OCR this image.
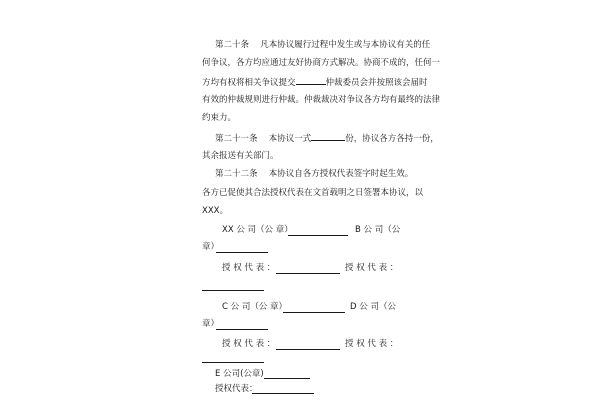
第二十条　 凡本协议履行过程中发生或与本协议有关的任
何争议，各方均应通过友好协商方式解决。协商不成的，任何一
方均有权将相关争议提交	仲裁委员会并按照该会届时
有效的仲裁规则进行仲裁。仲裁裁决对争议各方均有最终的法律
约束力。
第二十一条　 本协议一式	份，协议各方各持一份，
其余报送有关部门。
第二十二条　 本协议自各方授权代表签字时起生效。
各方已促使其合法授权代表在文首载明之日签署本协议，以
XXX。
XX 公 司（公 章）	B 公 司（公
章）
授 权 代 表 ：	授 权 代 表 ：
C 公 司（公 章）	D 公 司（公
章）
授 权 代 表 ：	授 权 代 表 ：
E 公司(公章)
授权代表：
